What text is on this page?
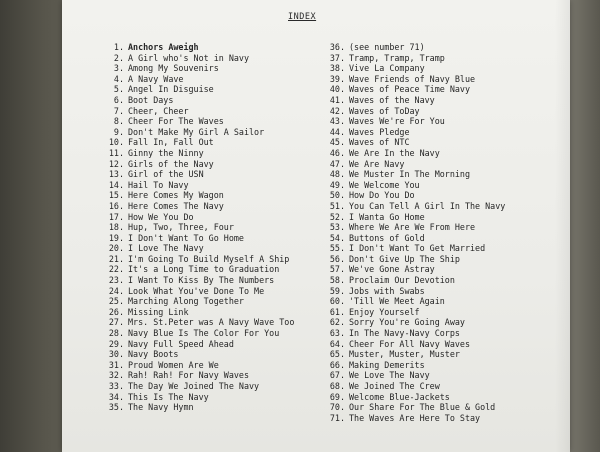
INDEX
1. Anchors Aweigh
2. A Girl who's Not in Navy
3. Among My Souvenirs
4. A Navy Wave
5. Angel In Disguise
6. Boot Days
7. Cheer, Cheer
8. Cheer For The Waves
9. Don't Make My Girl A Sailor
10. Fall In, Fall Out
11. Ginny the Ninny
12. Girls of the Navy
13. Girl of the USN
14. Hail To Navy
15. Here Comes My Wagon
16. Here Comes The Navy
17. How We You Do
18. Hup, Two, Three, Four
19. I Don't Want To Go Home
20. I Love The Navy
21. I'm Going To Build Myself A Ship
22. It's a Long Time to Graduation
23. I Want To Kiss By The Numbers
24. Look What You've Done To Me
25. Marching Along Together
26. Missing Link
27. Mrs. St.Peter was A Navy Wave Too
28. Navy Blue Is The Color For You
29. Navy Full Speed Ahead
30. Navy Boots
31. Proud Women Are We
32. Rah! Rah! For Navy Waves
33. The Day We Joined The Navy
34. This Is The Navy
35. The Navy Hymn
36. (see number 71)
37. Tramp, Tramp, Tramp
38. Vive La Company
39. Wave Friends of Navy Blue
40. Waves of Peace Time Navy
41. Waves of the Navy
42. Waves of ToDay
43. Waves We're For You
44. Waves Pledge
45. Waves of NTC
46. We Are In the Navy
47. We Are Navy
48. We Muster In The Morning
49. We Welcome You
50. How Do You Do
51. You Can Tell A Girl In The Navy
52. I Wanta Go Home
53. Where We Are We From Here
54. Buttons of Gold
55. I Don't Want To Get Married
56. Don't Give Up The Ship
57. We've Gone Astray
58. Proclaim Our Devotion
59. Jobs with Swabs
60. 'Till We Meet Again
61. Enjoy Yourself
62. Sorry You're Going Away
63. In The Navy-Navy Corps
64. Cheer For All Navy Waves
65. Muster, Muster, Muster
66. Making Demerits
67. We Love The Navy
68. We Joined The Crew
69. Welcome Blue-Jackets
70. Our Share For The Blue & Gold
71. The Waves Are Here To Stay
